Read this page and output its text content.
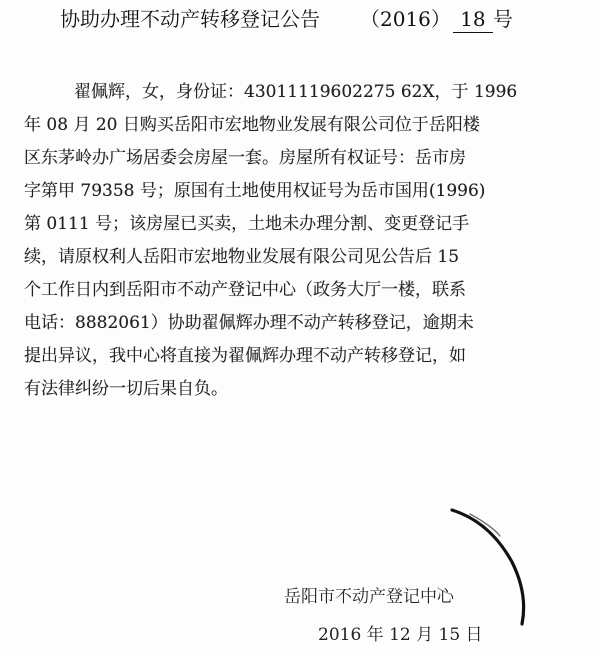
协助办理不动产转移登记公告 （2016） 18 号
翟佩辉，女，身份证：43011119602275 62X，于 1996
年 08 月 20 日购买岳阳市宏地物业发展有限公司位于岳阳楼
区东茅岭办广场居委会房屋一套。房屋所有权证号：岳市房
字第甲 79358 号；原国有土地使用权证号为岳市国用(1996)
第 0111 号；该房屋已买卖，土地未办理分割、变更登记手
续，请原权利人岳阳市宏地物业发展有限公司见公告后 15
个工作日内到岳阳市不动产登记中心（政务大厅一楼，联系
电话：8882061）协助翟佩辉办理不动产转移登记，逾期未
提出异议，我中心将直接为翟佩辉办理不动产转移登记，如
有法律纠纷一切后果自负。
岳阳市不动产登记中心
2016 年 12 月 15 日
